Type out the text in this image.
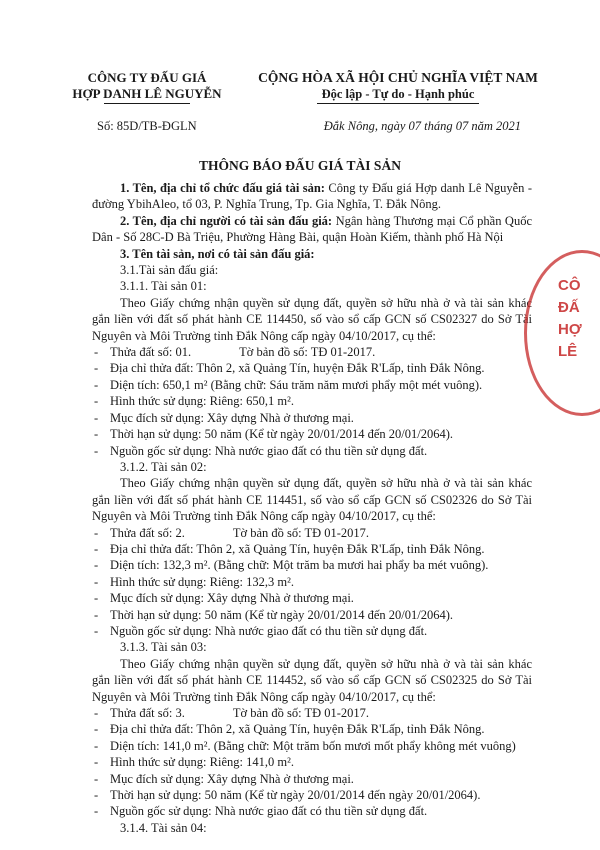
CÔNG TY ĐẤU GIÁ
HỢP DANH LÊ NGUYỄN
CỘNG HÒA XÃ HỘI CHỦ NGHĨA VIỆT NAM
Độc lập - Tự do - Hạnh phúc
Số: 85D/TB-ĐGLN	Đắk Nông, ngày 07 tháng 07 năm 2021
THÔNG BÁO ĐẤU GIÁ TÀI SẢN

1. Tên, địa chỉ tổ chức đấu giá tài sản: Công ty Đấu giá Hợp danh Lê Nguyễn - đường YbihAleo, tổ 03, P. Nghĩa Trung, Tp. Gia Nghĩa, T. Đắk Nông.

2. Tên, địa chỉ người có tài sản đấu giá: Ngân hàng Thương mại Cổ phần Quốc Dân - Số 28C-D Bà Triệu, Phường Hàng Bài, quận Hoàn Kiếm, thành phố Hà Nội

3. Tên tài sản, nơi có tài sản đấu giá:

3.1.Tài sản đấu giá:

3.1.1. Tài sản 01:

Theo Giấy chứng nhận quyền sử dụng đất, quyền sở hữu nhà ở và tài sản khác gắn liền với đất số phát hành CE 114450, số vào sổ cấp GCN số CS02327 do Sở Tài Nguyên và Môi Trường tỉnh Đắk Nông cấp ngày 04/10/2017, cụ thể:

- Thửa đất số: 01.	Tờ bản đồ số: TĐ 01-2017.

- Địa chỉ thửa đất: Thôn 2, xã Quảng Tín, huyện Đắk R'Lấp, tỉnh Đắk Nông.

- Diện tích: 650,1 m² (Bằng chữ: Sáu trăm năm mươi phẩy một mét vuông).

- Hình thức sử dụng: Riêng: 650,1 m².

- Mục đích sử dụng: Xây dựng Nhà ở thương mại.

- Thời hạn sử dụng: 50 năm (Kể từ ngày 20/01/2014 đến 20/01/2064).

- Nguồn gốc sử dụng: Nhà nước giao đất có thu tiền sử dụng đất.

3.1.2. Tài sản 02:

Theo Giấy chứng nhận quyền sử dụng đất, quyền sở hữu nhà ở và tài sản khác gắn liền với đất số phát hành CE 114451, số vào sổ cấp GCN số CS02326 do Sở Tài Nguyên và Môi Trường tỉnh Đắk Nông cấp ngày 04/10/2017, cụ thể:

- Thửa đất số: 2.	Tờ bản đồ số: TĐ 01-2017.

- Địa chỉ thửa đất: Thôn 2, xã Quảng Tín, huyện Đắk R'Lấp, tỉnh Đắk Nông.

- Diện tích: 132,3 m². (Bằng chữ: Một trăm ba mươi hai phẩy ba mét vuông).

- Hình thức sử dụng: Riêng: 132,3 m².

- Mục đích sử dụng: Xây dựng Nhà ở thương mại.

- Thời hạn sử dụng: 50 năm (Kể từ ngày 20/01/2014 đến 20/01/2064).

- Nguồn gốc sử dụng: Nhà nước giao đất có thu tiền sử dụng đất.

3.1.3. Tài sản 03:

Theo Giấy chứng nhận quyền sử dụng đất, quyền sở hữu nhà ở và tài sản khác gắn liền với đất số phát hành CE 114452, số vào sổ cấp GCN số CS02325 do Sở Tài Nguyên và Môi Trường tỉnh Đắk Nông cấp ngày 04/10/2017, cụ thể:

- Thửa đất số: 3.	Tờ bản đồ số: TĐ 01-2017.

- Địa chỉ thửa đất: Thôn 2, xã Quảng Tín, huyện Đắk R'Lấp, tỉnh Đắk Nông.

- Diện tích: 141,0 m². (Bằng chữ: Một trăm bốn mươi mốt phẩy không mét vuông)

- Hình thức sử dụng: Riêng: 141,0 m².

- Mục đích sử dụng: Xây dựng Nhà ở thương mại.

- Thời hạn sử dụng: 50 năm (Kể từ ngày 20/01/2014 đến ngày 20/01/2064).

- Nguồn gốc sử dụng: Nhà nước giao đất có thu tiền sử dụng đất.

3.1.4. Tài sản 04:

CÔ ĐẤ HỢ LÊ
